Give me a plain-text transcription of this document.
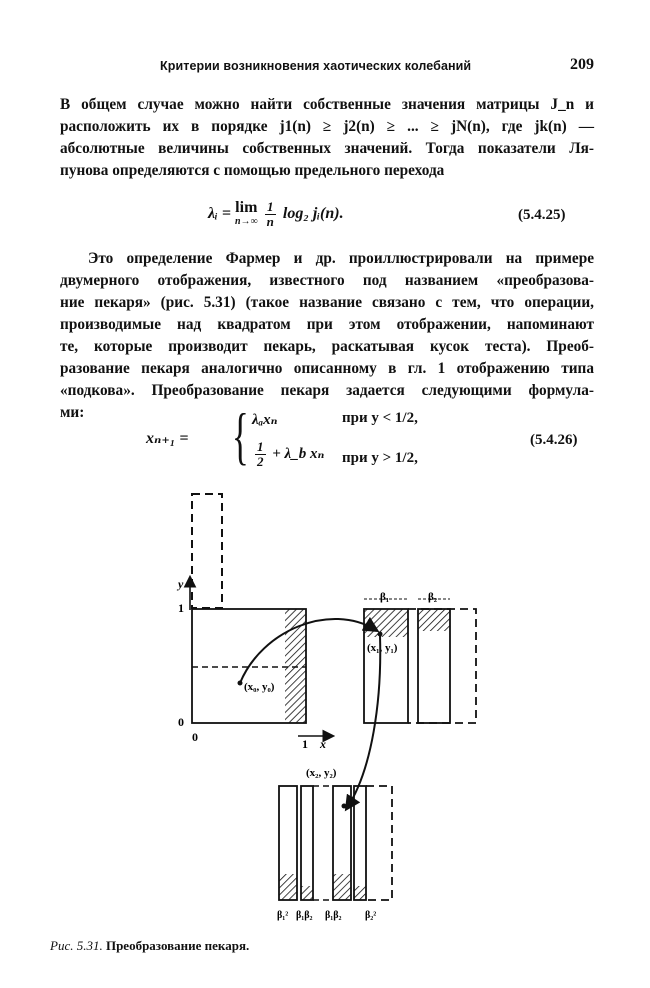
Критерии возникновения хаотических колебаний	209
В общем случае можно найти собственные значения матрицы J_n и
расположить их в порядке j1(n) ≥ j2(n) ≥ ... ≥ jN(n), где jk(n) —
абсолютные величины собственных значений. Тогда показатели Ля-
пунова определяются с помощью предельного перехода
λᵢ = lim
n→∞
$\frac{1}{n} \log_2$ jᵢ(n).	(5.4.25)
Это определение Фармер и др. проиллюстрировали на примере
двумерного отображения, известного под названием «преобразова-
ние пекаря» (рис. 5.31) (такое название связано с тем, что операции,
производимые над квадратом при этом отображении, напоминают
те, которые производит пекарь, раскатывая кусок теста). Преоб-
разование пекаря аналогично описанному в гл. 1 отображению типа
«подкова». Преобразование пекаря задается следующими формула-
ми:
xₙ₊₁ = { λₐxₙ	при y < 1/2,
$\frac{1}{2}$ + λ_b xₙ при y > 1/2,
(5.4.26)
y
1
0
0	1 x
(x₀, y₀)
β₁	β₂
(x₁, y₁)
(x₂, y₂)
β₁² β₁β₂ β₁β₂ β₂²
Рис. 5.31. Преобразование пекаря.
